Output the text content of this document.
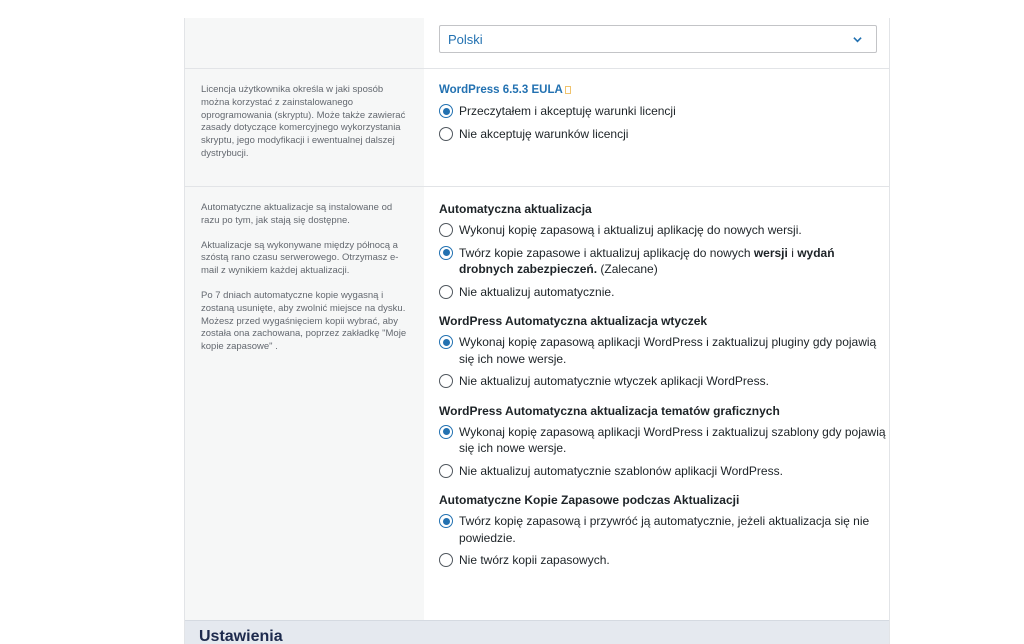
Polski

Licencja użytkownika określa w jaki sposób można korzystać z zainstalowanego oprogramowania (skryptu). Może także zawierać zasady dotyczące komercyjnego wykorzystania skryptu, jego modyfikacji i ewentualnej dalszej dystrybucji.

WordPress 6.5.3 EULA
Przeczytałem i akceptuję warunki licencji
Nie akceptuję warunków licencji

Automatyczne aktualizacje są instalowane od razu po tym, jak stają się dostępne.

Aktualizacje są wykonywane między północą a szóstą rano czasu serwerowego. Otrzymasz e-mail z wynikiem każdej aktualizacji.

Po 7 dniach automatyczne kopie wygasną i zostaną usunięte, aby zwolnić miejsce na dysku. Możesz przed wygaśnięciem kopii wybrać, aby została ona zachowana, poprzez zakładkę "Moje kopie zapasowe" .

Automatyczna aktualizacja
Wykonuj kopię zapasową i aktualizuj aplikację do nowych wersji.
Twórz kopie zapasowe i aktualizuj aplikację do nowych wersji i wydań drobnych zabezpieczeń. (Zalecane)
Nie aktualizuj automatycznie.
WordPress Automatyczna aktualizacja wtyczek
Wykonaj kopię zapasową aplikacji WordPress i zaktualizuj pluginy gdy pojawią się ich nowe wersje.
Nie aktualizuj automatycznie wtyczek aplikacji WordPress.
WordPress Automatyczna aktualizacja tematów graficznych
Wykonaj kopię zapasową aplikacji WordPress i zaktualizuj szablony gdy pojawią się ich nowe wersje.
Nie aktualizuj automatycznie szablonów aplikacji WordPress.
Automatyczne Kopie Zapasowe podczas Aktualizacji
Twórz kopię zapasową i przywróć ją automatycznie, jeżeli aktualizacja się nie powiedzie.
Nie twórz kopii zapasowych.
Ustawienia
